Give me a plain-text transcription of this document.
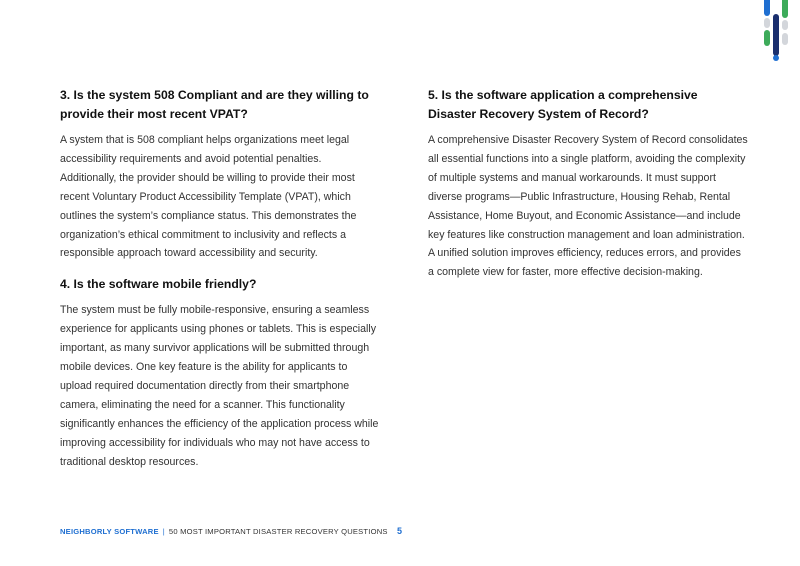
3. Is the system 508 Compliant and are they willing to provide their most recent VPAT?

A system that is 508 compliant helps organizations meet legal accessibility requirements and avoid potential penalties. Additionally, the provider should be willing to provide their most recent Voluntary Product Accessibility Template (VPAT), which outlines the system’s compliance status. This demonstrates the organization’s ethical commitment to inclusivity and reflects a responsible approach toward accessibility and security.

4. Is the software mobile friendly?

The system must be fully mobile-responsive, ensuring a seamless experience for applicants using phones or tablets. This is especially important, as many survivor applications will be submitted through mobile devices. One key feature is the ability for applicants to upload required documentation directly from their smartphone camera, eliminating the need for a scanner. This functionality significantly enhances the efficiency of the application process while improving accessibility for individuals who may not have access to traditional desktop resources.

5. Is the software application a comprehensive Disaster Recovery System of Record?

A comprehensive Disaster Recovery System of Record consolidates all essential functions into a single platform, avoiding the complexity of multiple systems and manual workarounds. It must support diverse programs—Public Infrastructure, Housing Rehab, Rental Assistance, Home Buyout, and Economic Assistance—and include key features like construction management and loan administration. A unified solution improves efficiency, reduces errors, and provides a complete view for faster, more effective decision-making.

NEIGHBORLY SOFTWARE | 50 MOST IMPORTANT DISASTER RECOVERY QUESTIONS 5
